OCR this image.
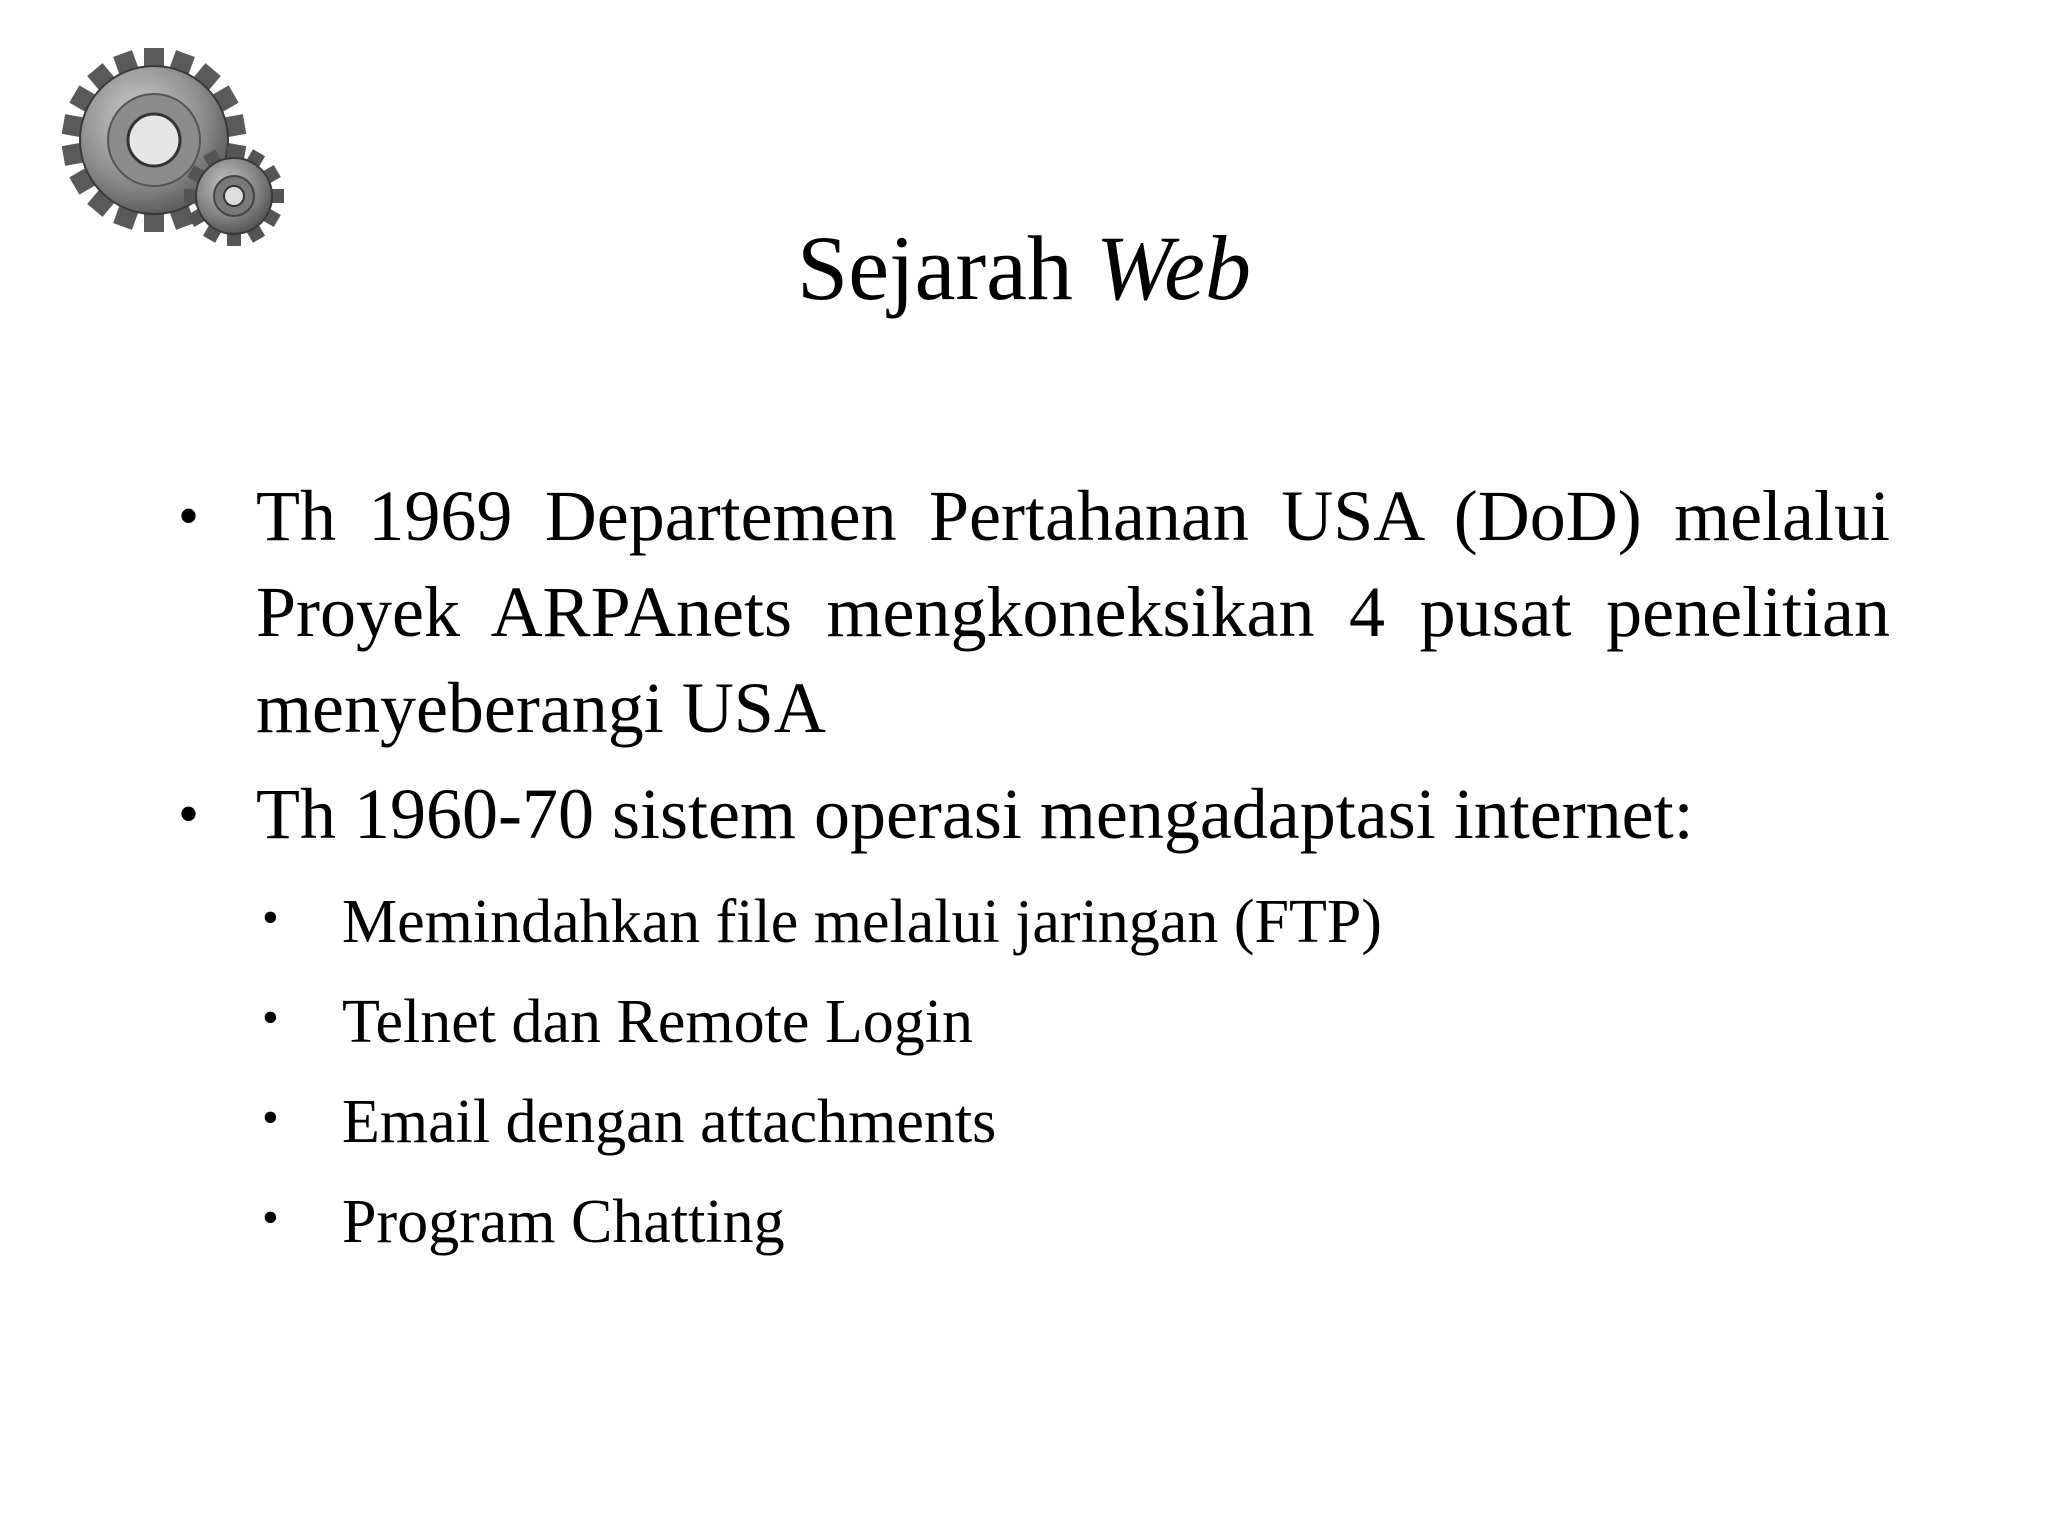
Sejarah Web
• Th 1969 Departemen Pertahanan USA (DoD) melalui Proyek ARPAnets mengkoneksikan 4 pusat penelitian menyeberangi USA
• Th 1960-70 sistem operasi mengadaptasi internet:
• Memindahkan file melalui jaringan (FTP)
• Telnet dan Remote Login
• Email dengan attachments
• Program Chatting
